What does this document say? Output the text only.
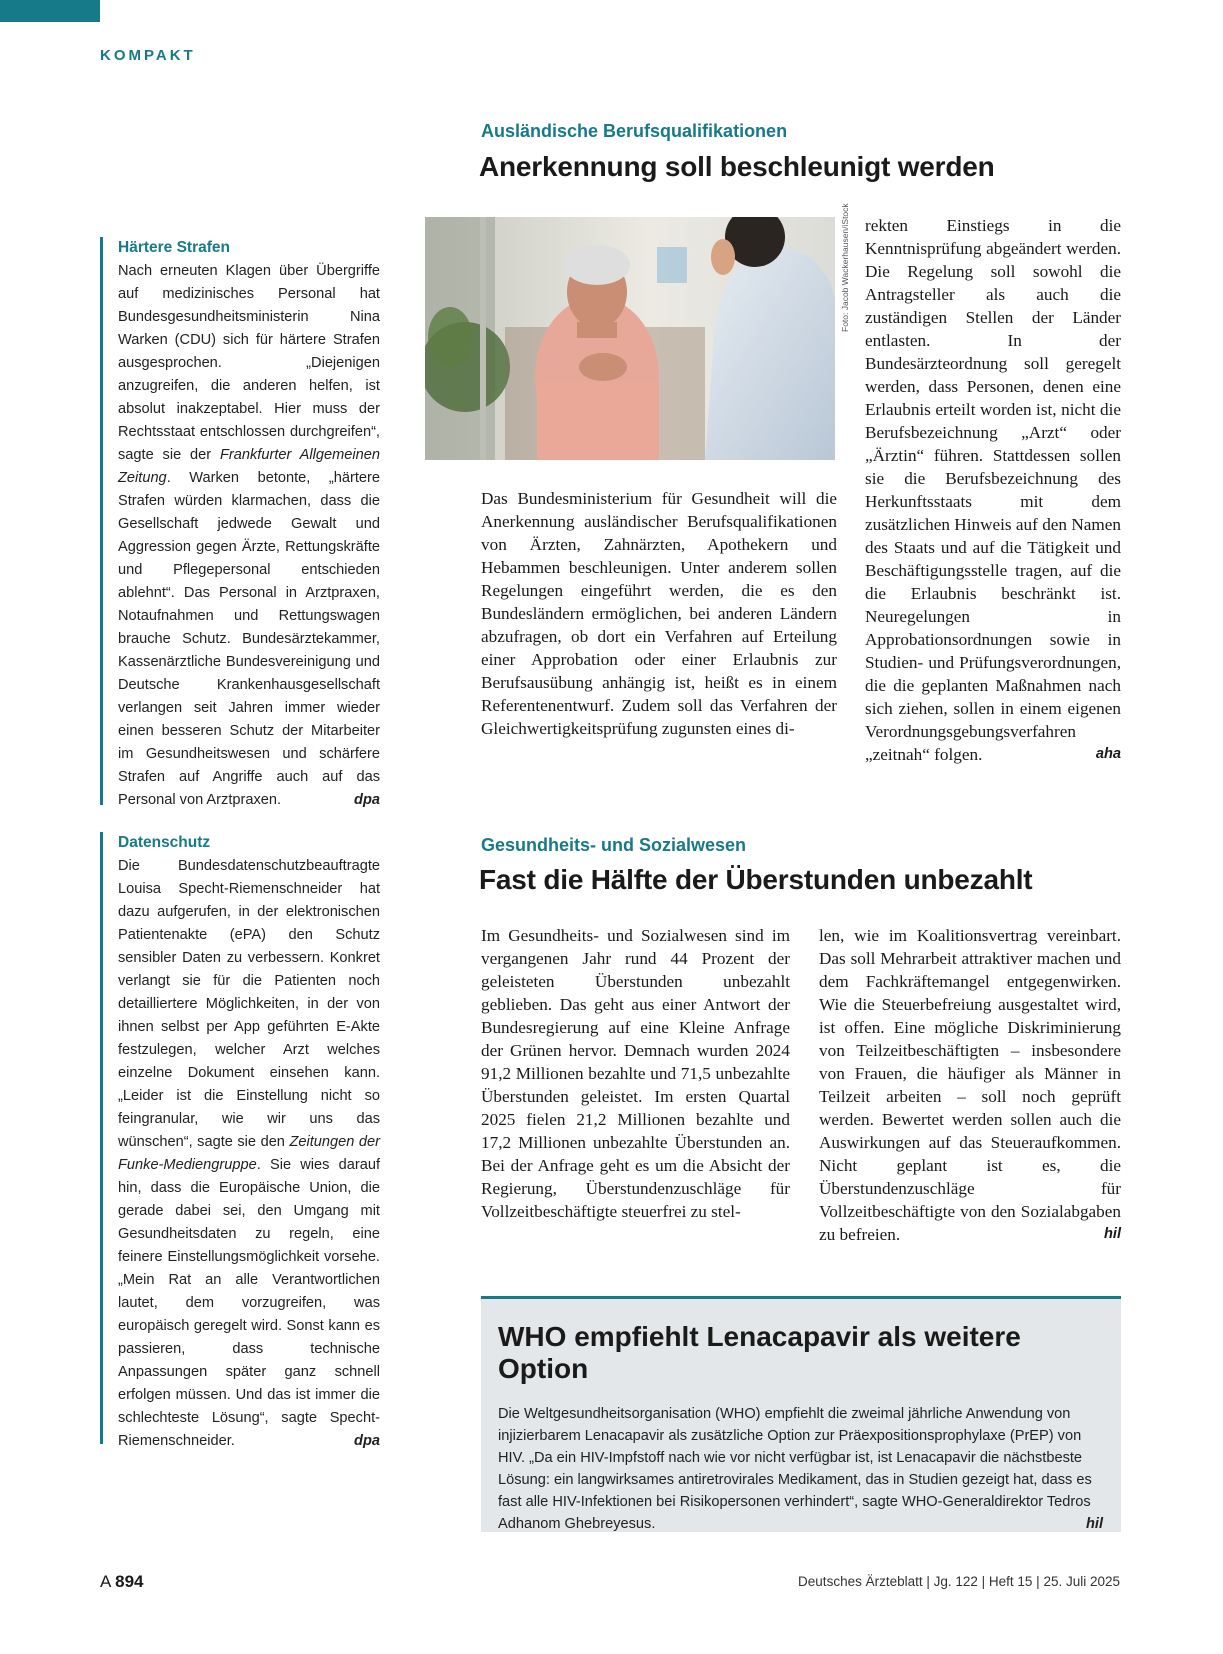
KOMPAKT
Härtere Strafen

Nach erneuten Klagen über Übergriffe auf medizinisches Personal hat Bundesgesundheitsministerin Nina Warken (CDU) sich für härtere Strafen ausgesprochen. „Diejenigen anzugreifen, die anderen helfen, ist absolut inakzeptabel. Hier muss der Rechtsstaat entschlossen durchgreifen“, sagte sie der Frankfurter Allgemeinen Zeitung. Warken betonte, „härtere Strafen würden klarmachen, dass die Gesellschaft jedwede Gewalt und Aggression gegen Ärzte, Rettungskräfte und Pflegepersonal entschieden ablehnt“. Das Personal in Arztpraxen, Notaufnahmen und Rettungswagen brauche Schutz. Bundesärztekammer, Kassenärztliche Bundesvereinigung und Deutsche Krankenhausgesellschaft verlangen seit Jahren immer wieder einen besseren Schutz der Mitarbeiter im Gesundheitswesen und schärfere Strafen auf Angriffe auch auf das Personal von Arztpraxen.	dpa

Datenschutz

Die Bundesdatenschutzbeauftragte Louisa Specht-Riemenschneider hat dazu aufgerufen, in der elektronischen Patientenakte (ePA) den Schutz sensibler Daten zu verbessern. Konkret verlangt sie für die Patienten noch detailliertere Möglichkeiten, in der von ihnen selbst per App geführten E-Akte festzulegen, welcher Arzt welches einzelne Dokument einsehen kann. „Leider ist die Einstellung nicht so feingranular, wie wir uns das wünschen“, sagte sie den Zeitungen der Funke-Mediengruppe. Sie wies darauf hin, dass die Europäische Union, die gerade dabei sei, den Umgang mit Gesundheitsdaten zu regeln, eine feinere Einstellungsmöglichkeit vorsehe. „Mein Rat an alle Verantwortlichen lautet, dem vorzugreifen, was europäisch geregelt wird. Sonst kann es passieren, dass technische Anpassungen später ganz schnell erfolgen müssen. Und das ist immer die schlechteste Lösung“, sagte Specht-Riemenschneider.	dpa

Ausländische Berufsqualifikationen
Anerkennung soll beschleunigt werden
Foto: Jacob Wackerhausen/iStock

Das Bundesministerium für Gesundheit will die Anerkennung ausländischer Berufsqualifikationen von Ärzten, Zahnärzten, Apothekern und Hebammen beschleunigen. Unter anderem sollen Regelungen eingeführt werden, die es den Bundesländern ermöglichen, bei anderen Ländern abzufragen, ob dort ein Verfahren auf Erteilung einer Approbation oder einer Erlaubnis zur Berufsausübung anhängig ist, heißt es in einem Referentenentwurf. Zudem soll das Verfahren der Gleichwertigkeitsprüfung zugunsten eines di-

rekten Einstiegs in die Kenntnisprüfung abgeändert werden. Die Regelung soll sowohl die Antragsteller als auch die zuständigen Stellen der Länder entlasten. In der Bundesärzteordnung soll geregelt werden, dass Personen, denen eine Erlaubnis erteilt worden ist, nicht die Berufsbezeichnung „Arzt“ oder „Ärztin“ führen. Stattdessen sollen sie die Berufsbezeichnung des Herkunftsstaats mit dem zusätzlichen Hinweis auf den Namen des Staats und auf die Tätigkeit und Beschäftigungsstelle tragen, auf die die Erlaubnis beschränkt ist. Neuregelungen in Approbationsordnungen sowie in Studien- und Prüfungsverordnungen, die die geplanten Maßnahmen nach sich ziehen, sollen in einem eigenen Verordnungsgebungsverfahren „zeitnah“ folgen.	aha

Gesundheits- und Sozialwesen
Fast die Hälfte der Überstunden unbezahlt

Im Gesundheits- und Sozialwesen sind im vergangenen Jahr rund 44 Prozent der geleisteten Überstunden unbezahlt geblieben. Das geht aus einer Antwort der Bundesregierung auf eine Kleine Anfrage der Grünen hervor. Demnach wurden 2024 91,2 Millionen bezahlte und 71,5 unbezahlte Überstunden geleistet. Im ersten Quartal 2025 fielen 21,2 Millionen bezahlte und 17,2 Millionen unbezahlte Überstunden an. Bei der Anfrage geht es um die Absicht der Regierung, Überstundenzuschläge für Vollzeitbeschäftigte steuerfrei zu stel-

len, wie im Koalitionsvertrag vereinbart. Das soll Mehrarbeit attraktiver machen und dem Fachkräftemangel entgegenwirken. Wie die Steuerbefreiung ausgestaltet wird, ist offen. Eine mögliche Diskriminierung von Teilzeitbeschäftigten – insbesondere von Frauen, die häufiger als Männer in Teilzeit arbeiten – soll noch geprüft werden. Bewertet werden sollen auch die Auswirkungen auf das Steueraufkommen. Nicht geplant ist es, die Überstundenzuschläge für Vollzeitbeschäftigte von den Sozialabgaben zu befreien.	hil

WHO empfiehlt Lenacapavir als weitere Option

Die Weltgesundheitsorganisation (WHO) empfiehlt die zweimal jährliche Anwendung von injizierbarem Lenacapavir als zusätzliche Option zur Präexpositionsprophylaxe (PrEP) von HIV. „Da ein HIV-Impfstoff nach wie vor nicht verfügbar ist, ist Lenacapavir die nächstbeste Lösung: ein langwirksames antiretrovirales Medikament, das in Studien gezeigt hat, dass es fast alle HIV-Infektionen bei Risikopersonen verhindert“, sagte WHO-Generaldirektor Tedros Adhanom Ghebreyesus.	hil

A 894	Deutsches Ärzteblatt | Jg. 122 | Heft 15 | 25. Juli 2025
